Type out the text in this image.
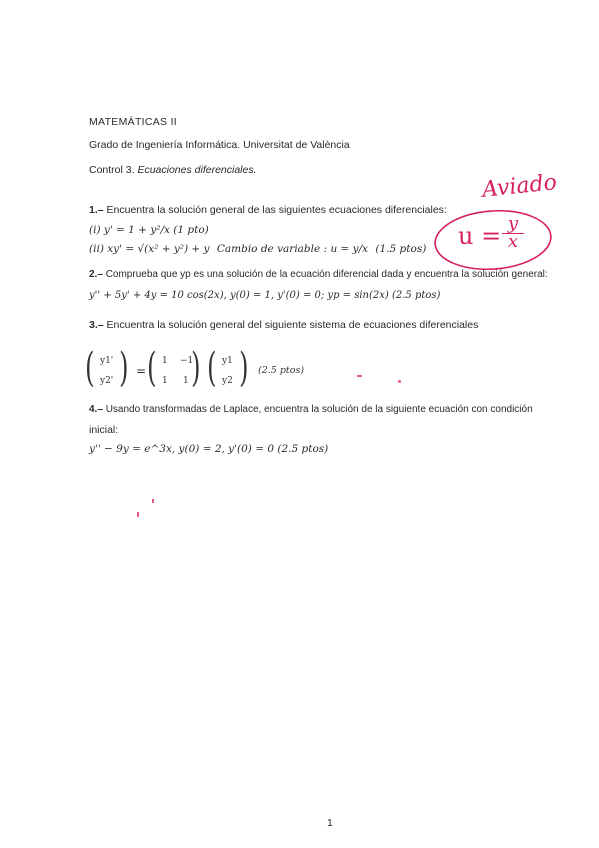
MATEMÁTICAS II
Grado de Ingeniería Informática. Universitat de València
Control 3. Ecuaciones diferenciales.
Aviado
u = y
x
1.– Encuentra la solución general de las siguientes ecuaciones diferenciales:
(i) y' = 1 + y²/x (1 pto)
(ii) xy' = √(x² + y²) + y Cambio de variable : u = y/x (1.5 ptos)
2.– Comprueba que yp es una solución de la ecuación diferencial dada y encuentra la solución general:
y'' + 5y' + 4y = 10 cos(2x), y(0) = 1, y'(0) = 0; yp = sin(2x) (2.5 ptos)
3.– Encuentra la solución general del siguiente sistema de ecuaciones diferenciales
( y1'
y2' ) = ( 1 −1
1 1 ) ( y1
y2 ) (2.5 ptos)
4.– Usando transformadas de Laplace, encuentra la solución de la siguiente ecuación con condición
inicial:
y'' − 9y = e^3x, y(0) = 2, y'(0) = 0 (2.5 ptos)
1
